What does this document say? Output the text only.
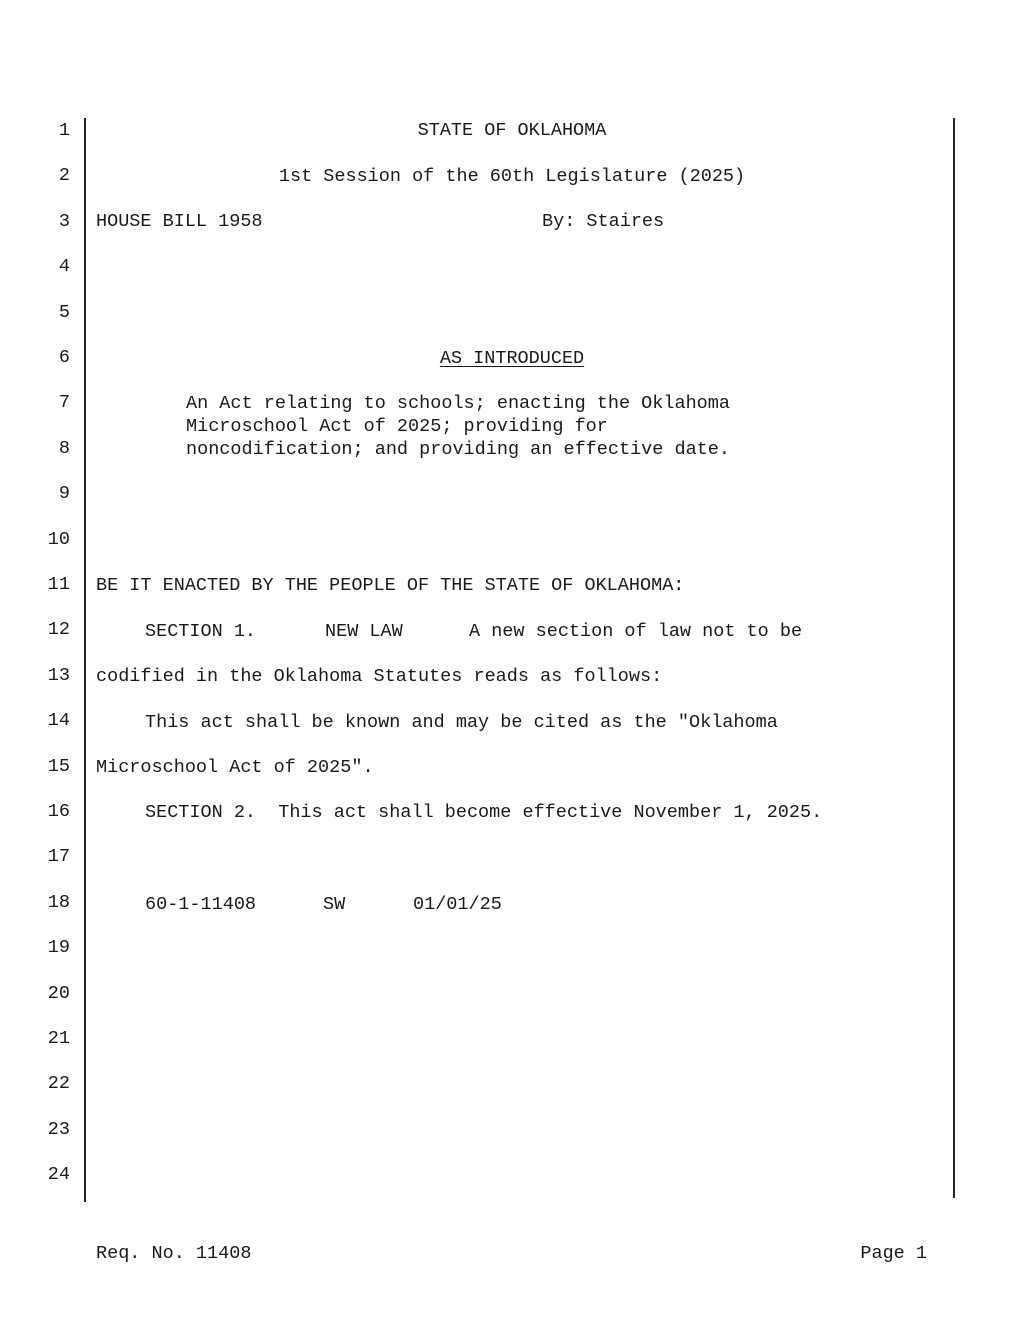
1
2
3
4
5
6
7
8
9
10
11
12
13
14
15
16
17
18
19
20
21
22
23
24
STATE OF OKLAHOMA
1st Session of the 60th Legislature (2025)
HOUSE BILL 1958	By: Staires
AS INTRODUCED
An Act relating to schools; enacting the Oklahoma
Microschool Act of 2025; providing for
noncodification; and providing an effective date.
BE IT ENACTED BY THE PEOPLE OF THE STATE OF OKLAHOMA:
SECTION 1.	NEW LAW	A new section of law not to be
codified in the Oklahoma Statutes reads as follows:
This act shall be known and may be cited as the "Oklahoma
Microschool Act of 2025".
SECTION 2.  This act shall become effective November 1, 2025.
60-1-11408	SW	01/01/25
Req. No. 11408	Page 1
